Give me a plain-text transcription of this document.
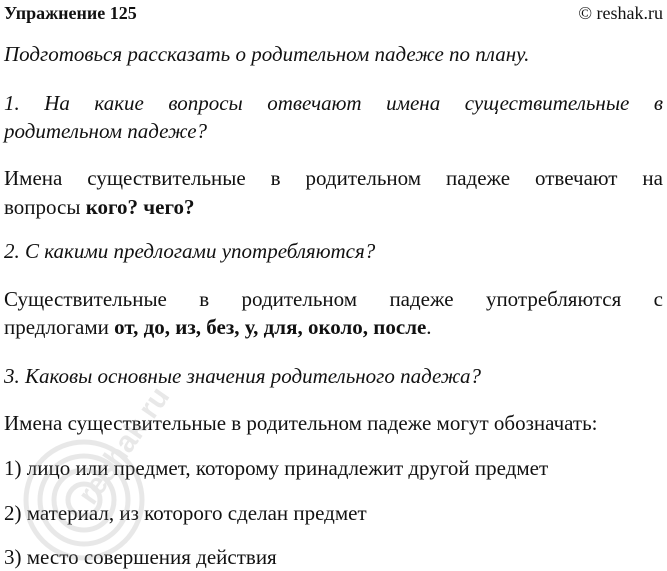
Упражнение 125	© reshak.ru

Подготовься рассказать о родительном падеже по плану.

1. На какие вопросы отвечают имена существительные в

родительном падеже?

Имена существительные в родительном падеже отвечают на

вопросы кого? чего?

2. С какими предлогами употребляются?

Существительные в родительном падеже употребляются с

предлогами от, до, из, без, у, для, около, после.

3. Каковы основные значения родительного падежа?

Имена существительные в родительном падеже могут обозначать:

1) лицо или предмет, которому принадлежит другой предмет

2) материал, из которого сделан предмет

3) место совершения действия

reshak.ru
